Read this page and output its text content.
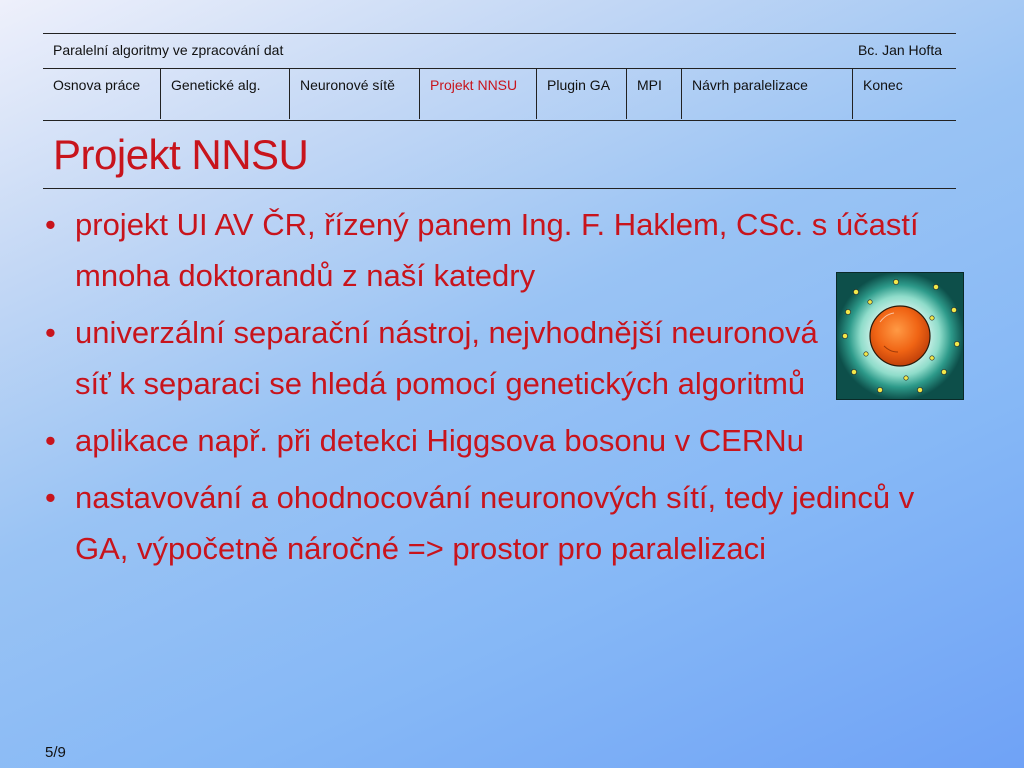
Paralelní algoritmy ve zpracování dat	Bc. Jan Hofta
Osnova práce	Genetické alg.	Neuronové sítě	Projekt NNSU	Plugin GA	MPI	Návrh paralelizace	Konec
Projekt NNSU
• projekt UI AV ČR, řízený panem Ing. F. Haklem, CSc. s účastí mnoha doktorandů z naší katedry
• univerzální separační nástroj, nejvhodnější neuronová síť k separaci se hledá pomocí genetických algoritmů
• aplikace např. při detekci Higgsova bosonu v CERNu
• nastavování a ohodnocování neuronových sítí, tedy jedinců v GA, výpočetně náročné => prostor pro paralelizaci
5/9
